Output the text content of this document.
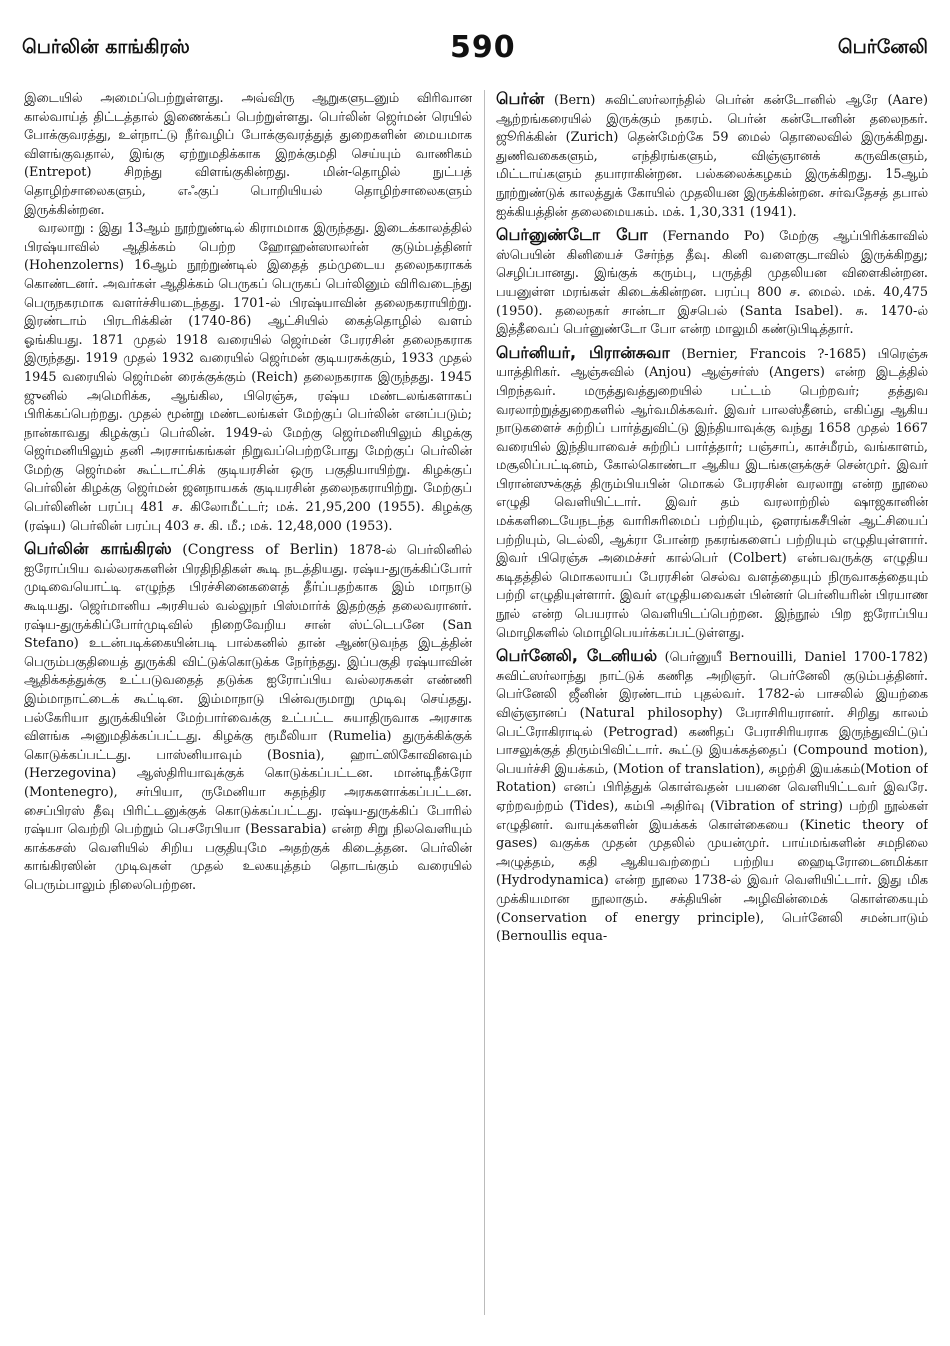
பெர்லின் காங்கிரஸ்	590	பெர்னேலி

இடையில் அமைப்பெற்றுள்ளது. அவ்விரு ஆறுகளுடனும் விரிவான கால்வாய்த் திட்டத்தால் இணைக்கப் பெற்றுள்ளது. பெர்லின் ஜெர்மன் ரெயில் போக்குவரத்து, உள்நாட்டு நீர்வழிப் போக்குவரத்துத் துறைகளின் மையமாக விளங்குவதால், இங்கு ஏற்றுமதிக்காக இறக்குமதி செய்யும் வாணிகம் (Entrepot) சிறந்து விளங்குகின்றது. மின்-தொழில் நுட்பத் தொழிற்சாலைகளும், எஃகுப் பொறியியல் தொழிற்சாலைகளும் இருக்கின்றன.

வரலாறு : இது 13ஆம் நூற்றுண்டில் கிராமமாக இருந்தது. இடைக்காலத்தில் பிரஷ்யாவில் ஆதிக்கம் பெற்ற ஹோஹன்ஸாலர்ன் குடும்பத்தினர் (Hohenzolerns) 16ஆம் நூற்றுண்டில் இதைத் தம்முடைய தலைநகராகக் கொண்டனர். அவர்கள் ஆதிக்கம் பெருகப் பெருகப் பெர்லினும் விரிவடைந்து பெருநகரமாக வளர்ச்சியடைந்தது. 1701-ல் பிரஷ்யாவின் தலைநகராயிற்று. இரண்டாம் பிரடரிக்கின் (1740-86) ஆட்சியில் கைத்தொழில் வளம் ஓங்கியது. 1871 முதல் 1918 வரையில் ஜெர்மன் பேரரசின் தலைநகராக இருந்தது. 1919 முதல் 1932 வரையில் ஜெர்மன் குடியரசுக்கும், 1933 முதல் 1945 வரையில் ஜெர்மன் ரைக்குக்கும் (Reich) தலைநகராக இருந்தது. 1945 ஜுனில் அமெரிக்க, ஆங்கில, பிரெஞ்சு, ரஷ்ய மண்டலங்களாகப் பிரிக்கப்பெற்றது. முதல் மூன்று மண்டலங்கள் மேற்குப் பெர்லின் எனப்படும்; நான்காவது கிழக்குப் பெர்லின். 1949-ல் மேற்கு ஜெர்மனியிலும் கிழக்கு ஜெர்மனியிலும் தனி அரசாங்கங்கள் நிறுவப்பெற்றபோது மேற்குப் பெர்லின் மேற்கு ஜெர்மன் கூட்டாட்சிக் குடியரசின் ஒரு பகுதியாயிற்று. கிழக்குப் பெர்லின் கிழக்கு ஜெர்மன் ஜனநாயகக் குடியரசின் தலைநகராயிற்று. மேற்குப் பெர்லினின் பரப்பு 481 ச. கிலோமீட்டர்; மக். 21,95,200 (1955). கிழக்கு (ரஷ்ய) பெர்லின் பரப்பு 403 ச. கி. மீ.; மக். 12,48,000 (1953).

பெர்லின் காங்கிரஸ் (Congress of Berlin) 1878-ல் பெர்லினில் ஐரோப்பிய வல்லரசுகளின் பிரதிநிதிகள் கூடி நடத்தியது. ரஷ்ய-துருக்கிப்போர் முடிவையொட்டி எழுந்த பிரச்சினைகளைத் தீர்ப்பதற்காக இம் மாநாடு கூடியது. ஜெர்மானிய அரசியல் வல்லுநர் பிஸ்மார்க் இதற்குத் தலைவரானர். ரஷ்ய-துருக்கிப்போர்முடிவில் நிறைவேறிய சான் ஸ்ட்டெபனே (San Stefano) உடன்படிக்கையின்படி பால்கனில் தான் ஆண்டுவந்த இடத்தின் பெரும்பகுதியைத் துருக்கி விட்டுக்கொடுக்க நேர்ந்தது. இப்பகுதி ரஷ்யாவின் ஆதிக்கத்துக்கு உட்படுவதைத் தடுக்க ஐரோப்பிய வல்லரசுகள் எண்ணி இம்மாநாட்டைக் கூட்டின. இம்மாநாடு பின்வருமாறு முடிவு செய்தது. பல்கேரியா துருக்கியின் மேற்பார்வைக்கு உட்பட்ட சுயாதிருவாக அரசாக விளங்க அனுமதிக்கப்பட்டது. கிழக்கு ரூமீலியா (Rumelia) துருக்கிக்குக் கொடுக்கப்பட்டது. பாஸ்னியாவும் (Bosnia), ஹாட்ஸிகோவினவும் (Herzegovina) ஆஸ்திரியாவுக்குக் கொடுக்கப்பட்டன. மான்டிநீக்ரோ (Montenegro), சர்பியா, ருமேனியா சுதந்திர அரசுகளாக்கப்பட்டன. சைப்பிரஸ் தீவு பிரிட்டனுக்குக் கொடுக்கப்பட்டது. ரஷ்ய-துருக்கிப் போரில் ரஷ்யா வெற்றி பெற்றும் பெசரேபியா (Bessarabia) என்ற சிறு நிலவெளியும் காக்கசஸ் வெளியில் சிறிய பகுதியுமே அதற்குக் கிடைத்தன. பெர்லின் காங்கிரஸின் முடிவுகள் முதல் உலகயுத்தம் தொடங்கும் வரையில் பெரும்பாலும் நிலைபெற்றன.

பெர்ன் (Bern) சுவிட்ஸர்லாந்தில் பெர்ன் கன்டோனில் ஆரே (Aare) ஆற்றங்கரையில் இருக்கும் நகரம். பெர்ன் கன்டோனின் தலைநகர். ஜூரிக்கின் (Zurich) தென்மேற்கே 59 மைல் தொலைவில் இருக்கிறது. துணிவகைகளும், எந்திரங்களும், விஞ்ஞானக் கருவிகளும், மிட்டாய்களும் தயாராகின்றன. பல்கலைக்கழகம் இருக்கிறது. 15ஆம் நூற்றுண்டுக் காலத்துக் கோயில் முதலியன இருக்கின்றன. சர்வதேசத் தபால் ஐக்கியத்தின் தலைமையகம். மக். 1,30,331 (1941).

பெர்னுண்டோ போ (Fernando Po) மேற்கு ஆப்பிரிக்காவில் ஸ்பெயின் கினியைச் சேர்ந்த தீவு. கினி வளைகுடாவில் இருக்கிறது; செழிப்பானது. இங்குக் கரும்பு, பருத்தி முதலியன விளைகின்றன. பயனுள்ள மரங்கள் கிடைக்கின்றன. பரப்பு 800 ச. மைல். மக். 40,475 (1950). தலைநகர் சான்டா இசபெல் (Santa Isabel). சு. 1470-ல் இத்தீவைப் பெர்னுண்டோ போ என்ற மாலுமி கண்டுபிடித்தார்.

பெர்னியர், பிரான்சுவா (Bernier, Francois ?-1685) பிரெஞ்சு யாத்திரிகர். ஆஞ்சுவில் (Anjou) ஆஞ்சர்ஸ் (Angers) என்ற இடத்தில் பிறந்தவர். மருத்துவத்துறையில் பட்டம் பெற்றவர்; தத்துவ வரலாற்றுத்துறைகளில் ஆர்வமிக்கவர். இவர் பாலஸ்தீனம், எகிப்து ஆகிய நாடுகளைச் சுற்றிப் பார்த்துவிட்டு இந்தியாவுக்கு வந்து 1658 முதல் 1667 வரையில் இந்தியாவைச் சுற்றிப் பார்த்தார்; பஞ்சாப், காச்மீரம், வங்காளம், மசூலிப்பட்டினம், கோல்கொண்டா ஆகிய இடங்களுக்குச் சென்முர். இவர் பிரான்ஸுக்குத் திரும்பியபின் மொகல் பேரரசின் வரலாறு என்ற நூலை எழுதி வெளியிட்டார். இவர் தம் வரலாற்றில் ஷாஜகானின் மக்களிடையேநடந்த வாரிசுரிமைப் பற்றியும், ஔரங்கசீபின் ஆட்சியைப் பற்றியும், டெல்லி, ஆக்ரா போன்ற நகரங்களைப் பற்றியும் எழுதியுள்ளார். இவர் பிரெஞ்சு அமைச்சர் கால்பெர் (Colbert) என்பவருக்கு எழுதிய கடிதத்தில் மொகலாயப் பேரரசின் செல்வ வளத்தையும் நிருவாகத்தையும் பற்றி எழுதியுள்ளார். இவர் எழுதியவைகள் பின்னர் பெர்னியரின் பிரயாண நூல் என்ற பெயரால் வெளியிடப்பெற்றன. இந்நூல் பிற ஐரோப்பிய மொழிகளில் மொழிபெயர்க்கப்பட்டுள்ளது.

பெர்னேலி, டேனியல் (பெர்னுயீ Bernouilli, Daniel 1700-1782) சுவிட்ஸர்லாந்து நாட்டுக் கணித அறிஞர். பெர்னேலி குடும்பத்தினர். பெர்னேலி ஜீனின் இரண்டாம் புதல்வர். 1782-ல் பாசலில் இயற்கை விஞ்ஞானப் (Natural philosophy) பேராசிரியரானர். சிறிது காலம் பெட்ரோகிராடில் (Petrograd) கணிதப் பேராசிரியராக இருந்துவிட்டுப் பாசலுக்குத் திரும்பிவிட்டார். கூட்டு இயக்கத்தைப் (Compound motion), பெயர்ச்சி இயக்கம், (Motion of translation), சுழற்சி இயக்கம்(Motion of Rotation) எனப் பிரித்துக் கொள்வதன் பயனை வெளியிட்டவர் இவரே. ஏற்றவற்றம் (Tides), கம்பி அதிர்வு (Vibration of string) பற்றி நூல்கள் எழுதினர். வாயுக்களின் இயக்கக் கொள்கையை (Kinetic theory of gases) வகுக்க முதன் முதலில் முயன்முர். பாய்மங்களின் சமநிலை அழுத்தம், கதி ஆகியவற்றைப் பற்றிய ஹைடிரோடைனமிக்கா (Hydrodynamica) என்ற நூலை 1738-ல் இவர் வெளியிட்டார். இது மிக முக்கியமான நூலாகும். சக்தியின் அழிவின்மைக் கொள்கையும் (Conservation of energy principle), பெர்னேலி சமன்பாடும் (Bernoullis equa-
